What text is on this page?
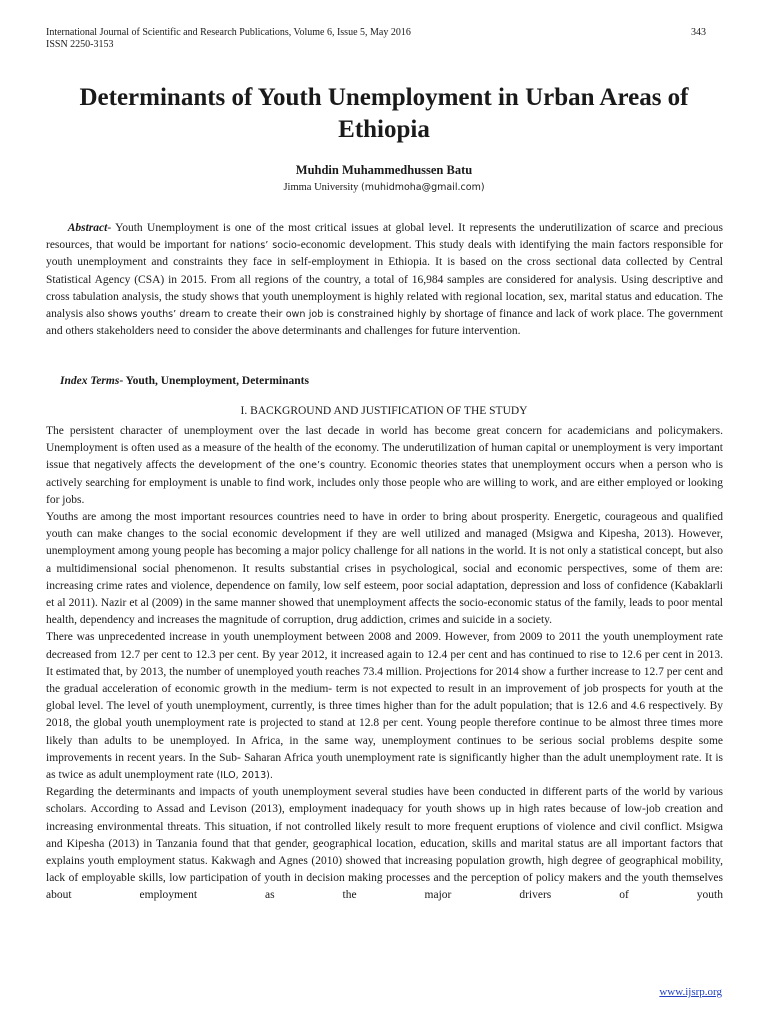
International Journal of Scientific and Research Publications, Volume 6, Issue 5, May 2016
ISSN 2250-3153
343
Determinants of Youth Unemployment in Urban Areas of Ethiopia
Muhdin Muhammedhussen Batu
Jimma University (muhidmoha@gmail.com)
Abstract- Youth Unemployment is one of the most critical issues at global level. It represents the underutilization of scarce and precious resources, that would be important for nations’ socio-economic development. This study deals with identifying the main factors responsible for youth unemployment and constraints they face in self-employment in Ethiopia. It is based on the cross sectional data collected by Central Statistical Agency (CSA) in 2015. From all regions of the country, a total of 16,984 samples are considered for analysis. Using descriptive and cross tabulation analysis, the study shows that youth unemployment is highly related with regional location, sex, marital status and education. The analysis also shows youths’ dream to create their own job is constrained highly by shortage of finance and lack of work place. The government and others stakeholders need to consider the above determinants and challenges for future intervention.
Index Terms- Youth, Unemployment, Determinants
I. BACKGROUND AND JUSTIFICATION OF THE STUDY

The persistent character of unemployment over the last decade in world has become great concern for academicians and policymakers. Unemployment is often used as a measure of the health of the economy. The underutilization of human capital or unemployment is very important issue that negatively affects the development of the one’s country. Economic theories states that unemployment occurs when a person who is actively searching for employment is unable to find work, includes only those people who are willing to work, and are either employed or looking for jobs.

Youths are among the most important resources countries need to have in order to bring about prosperity. Energetic, courageous and qualified youth can make changes to the social economic development if they are well utilized and managed (Msigwa and Kipesha, 2013). However, unemployment among young people has becoming a major policy challenge for all nations in the world. It is not only a statistical concept, but also a multidimensional social phenomenon. It results substantial crises in psychological, social and economic perspectives, some of them are: increasing crime rates and violence, dependence on family, low self esteem, poor social adaptation, depression and loss of confidence (Kabaklarli et al 2011). Nazir et al (2009) in the same manner showed that unemployment affects the socio-economic status of the family, leads to poor mental health, dependency and increases the magnitude of corruption, drug addiction, crimes and suicide in a society.

There was unprecedented increase in youth unemployment between 2008 and 2009. However, from 2009 to 2011 the youth unemployment rate decreased from 12.7 per cent to 12.3 per cent. By year 2012, it increased again to 12.4 per cent and has continued to rise to 12.6 per cent in 2013. It estimated that, by 2013, the number of unemployed youth reaches 73.4 million. Projections for 2014 show a further increase to 12.7 per cent and the gradual acceleration of economic growth in the medium- term is not expected to result in an improvement of job prospects for youth at the global level. The level of youth unemployment, currently, is three times higher than for the adult population; that is 12.6 and 4.6 respectively. By 2018, the global youth unemployment rate is projected to stand at 12.8 per cent. Young people therefore continue to be almost three times more likely than adults to be unemployed. In Africa, in the same way, unemployment continues to be serious social problems despite some improvements in recent years. In the Sub- Saharan Africa youth unemployment rate is significantly higher than the adult unemployment rate. It is as twice as adult unemployment rate (ILO, 2013).

Regarding the determinants and impacts of youth unemployment several studies have been conducted in different parts of the world by various scholars. According to Assad and Levison (2013), employment inadequacy for youth shows up in high rates because of low-job creation and increasing environmental threats. This situation, if not controlled likely result to more frequent eruptions of violence and civil conflict. Msigwa and Kipesha (2013) in Tanzania found that that gender, geographical location, education, skills and marital status are all important factors that explains youth employment status. Kakwagh and Agnes (2010) showed that increasing population growth, high degree of geographical mobility, lack of employable skills, low participation of youth in decision making processes and the perception of policy makers and the youth themselves about employment as the major drivers of youth

www.ijsrp.org
